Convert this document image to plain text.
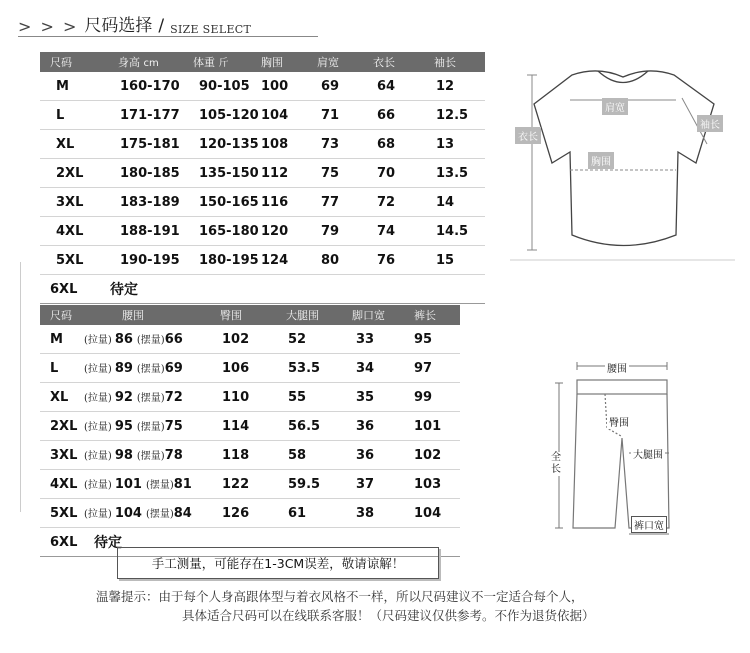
> > > 尺码选择 / SIZE SELECT
尺码	身高 cm	体重 斤	胸围	肩宽	衣长	袖长
M	160-170	90-105	100	69	64	12
L	171-177	105-120	104	71	66	12.5
XL	175-181	120-135	108	73	68	13
2XL	180-185	135-150	112	75	70	13.5
3XL	183-189	150-165	116	77	72	14
4XL	188-191	165-180	120	79	74	14.5
5XL	190-195	180-195	124	80	76	15
6XL	待定					
尺码	腰围	臀围	大腿围	脚口宽	裤长
M	(拉量) 86 (摆量)66	102	52	33	95
L	(拉量) 89 (摆量)69	106	53.5	34	97
XL	(拉量) 92 (摆量)72	110	55	35	99
2XL	(拉量) 95 (摆量)75	114	56.5	36	101
3XL	(拉量) 98 (摆量)78	118	58	36	102
4XL	(拉量) 101 (摆量)81	122	59.5	37	103
5XL	(拉量) 104 (摆量)84	126	61	38	104
6XL	待定				
手工测量，可能存在1-3CM误差，敬请谅解！
温馨提示：由于每个人身高跟体型与着衣风格不一样，所以尺码建议不一定适合每个人，
具体适合尺码可以在线联系客服！（尺码建议仅供参考。不作为退货依据）
肩宽
袖长
衣长
胸围
腰围
臀围
全长
大腿围
裤口宽
